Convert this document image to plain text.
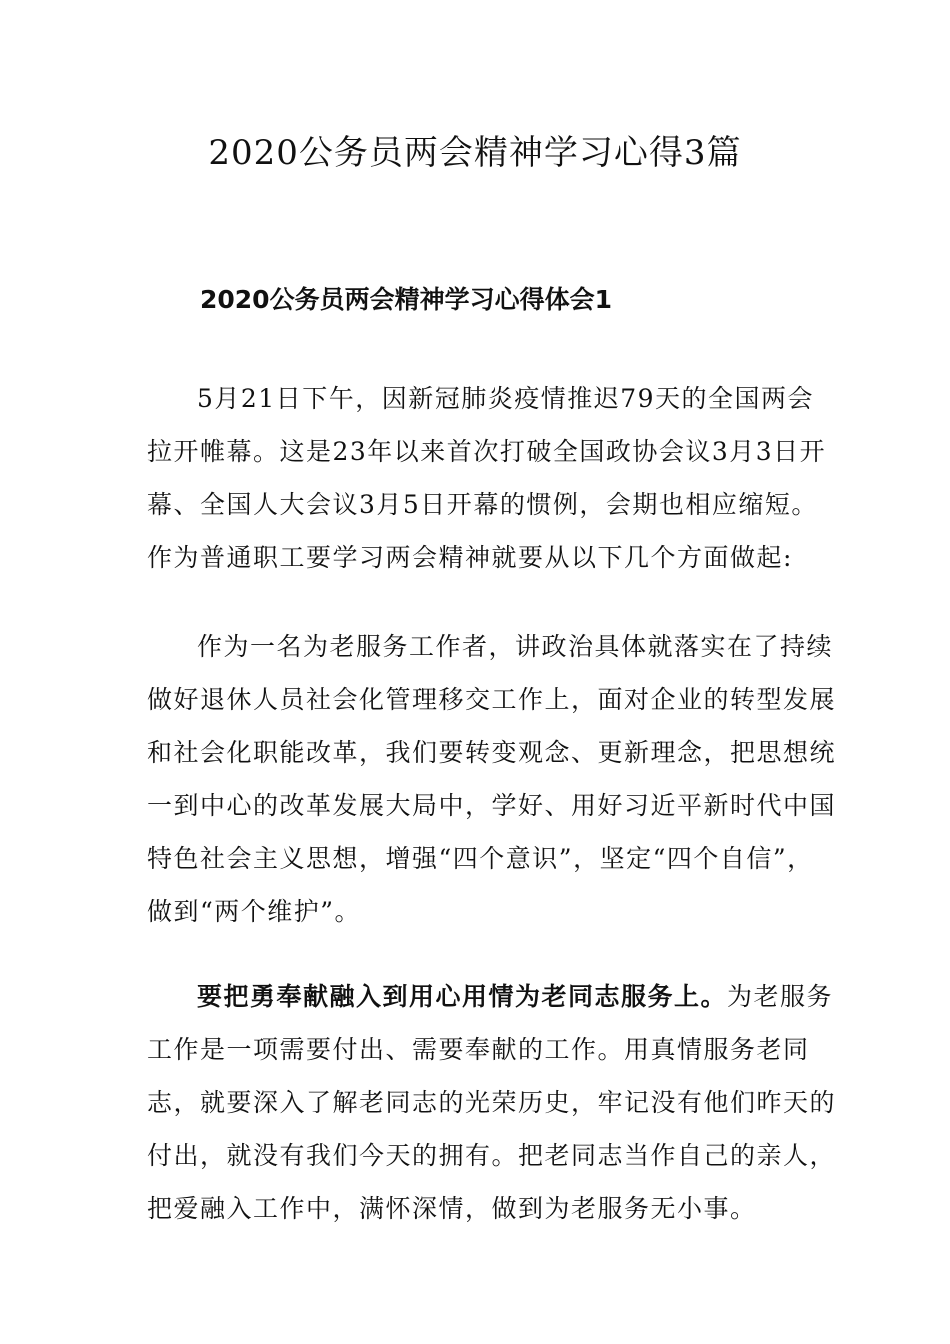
2020公务员两会精神学习心得3篇
2020公务员两会精神学习心得体会1

5月21日下午，因新冠肺炎疫情推迟79天的全国两会拉开帷幕。这是23年以来首次打破全国政协会议3月3日开幕、全国人大会议3月5日开幕的惯例，会期也相应缩短。作为普通职工要学习两会精神就要从以下几个方面做起:

作为一名为老服务工作者，讲政治具体就落实在了持续做好退休人员社会化管理移交工作上，面对企业的转型发展和社会化职能改革，我们要转变观念、更新理念，把思想统一到中心的改革发展大局中，学好、用好习近平新时代中国特色社会主义思想，增强“四个意识”，坚定“四个自信”，做到“两个维护”。

要把勇奉献融入到用心用情为老同志服务上。为老服务工作是一项需要付出、需要奉献的工作。用真情服务老同志，就要深入了解老同志的光荣历史，牢记没有他们昨天的付出，就没有我们今天的拥有。把老同志当作自己的亲人，把爱融入工作中，满怀深情，做到为老服务无小事。
